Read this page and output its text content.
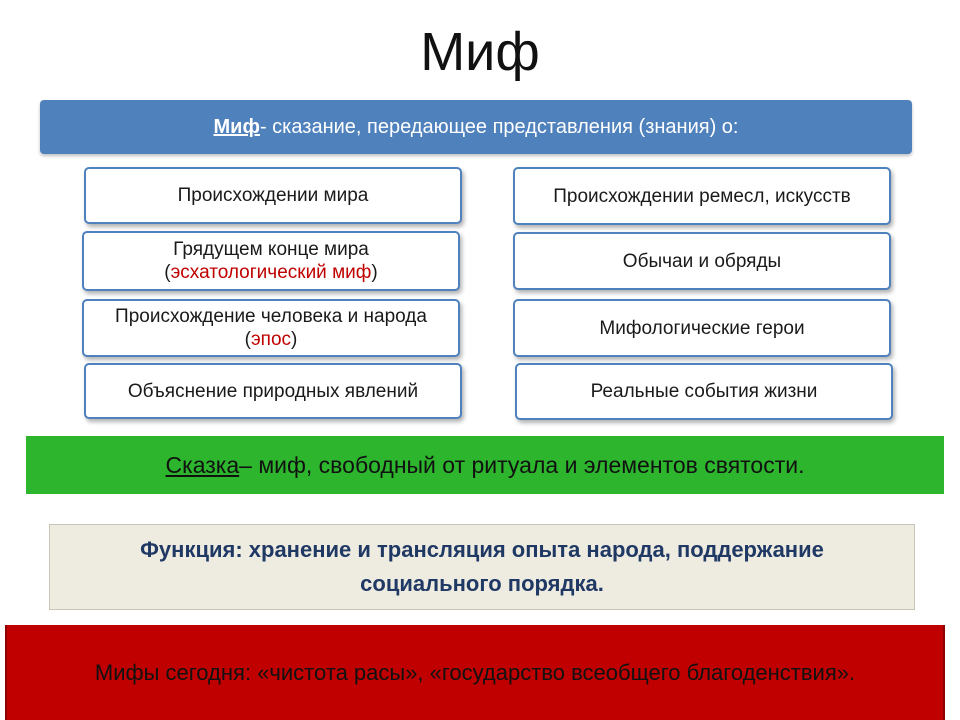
Миф
Миф - сказание, передающее представления (знания) о:
Происхождении мира
Грядущем конце мира (эсхатологический миф)
Происхождение человека и народа (эпос)
Объяснение природных явлений
Происхождении ремесл, искусств
Обычаи и обряды
Мифологические герои
Реальные события жизни
Сказка – миф, свободный от ритуала и элементов святости.
Функция: хранение и трансляция опыта народа, поддержание социального порядка.
Мифы сегодня: «чистота расы», «государство всеобщего благоденствия».
